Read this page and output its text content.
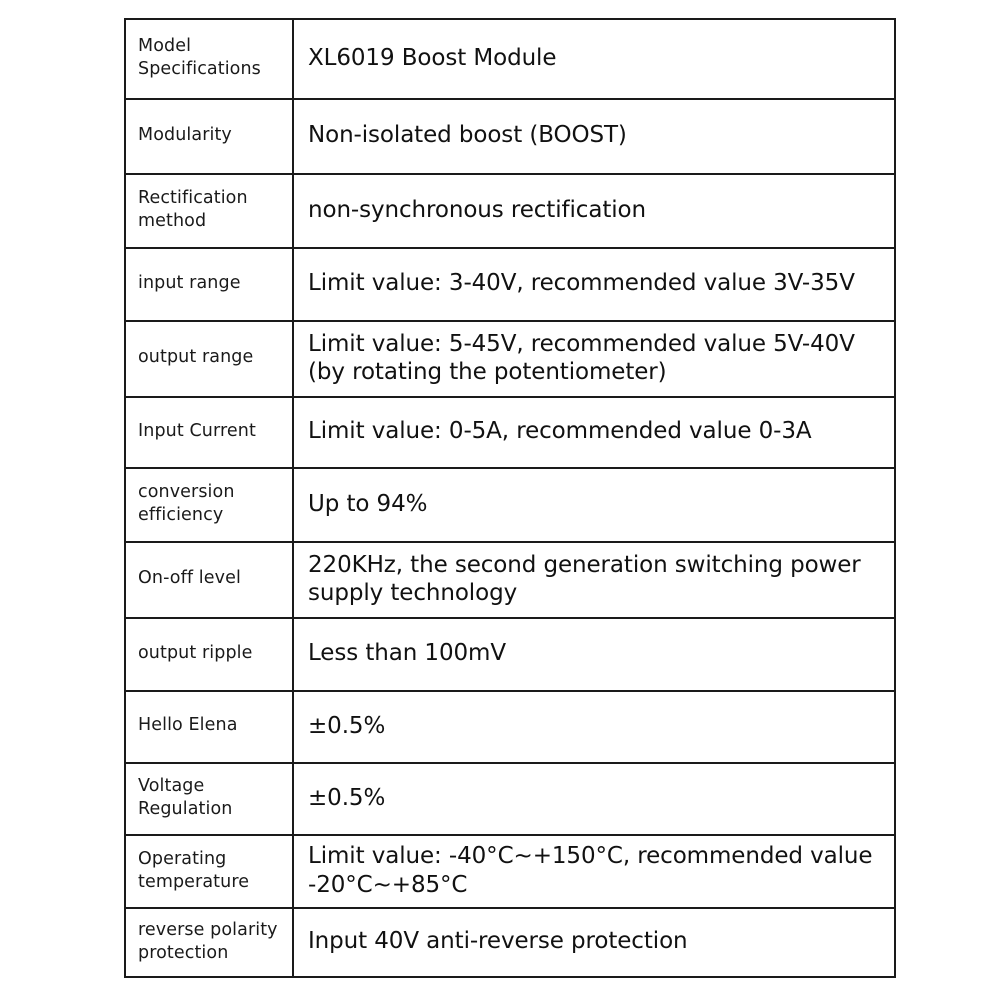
Model
Specifications	XL6019 Boost Module
Modularity	Non-isolated boost (BOOST)

Rectification
method	non-synchronous rectification
input range	Limit value: 3-40V, recommended value 3V-35V
output range	Limit value: 5-45V, recommended value 5V-40V (by rotating the potentiometer)
Input Current	Limit value: 0-5A, recommended value 0-3A

conversion
efficiency	Up to 94%
On-off level	220KHz, the second generation switching power supply technology
output ripple	Less than 100mV
Hello Elena	±0.5%

Voltage
Regulation	±0.5%

Operating
temperature	Limit value: -40°C~+150°C, recommended value -20°C~+85°C

reverse polarity
protection	Input 40V anti-reverse protection
